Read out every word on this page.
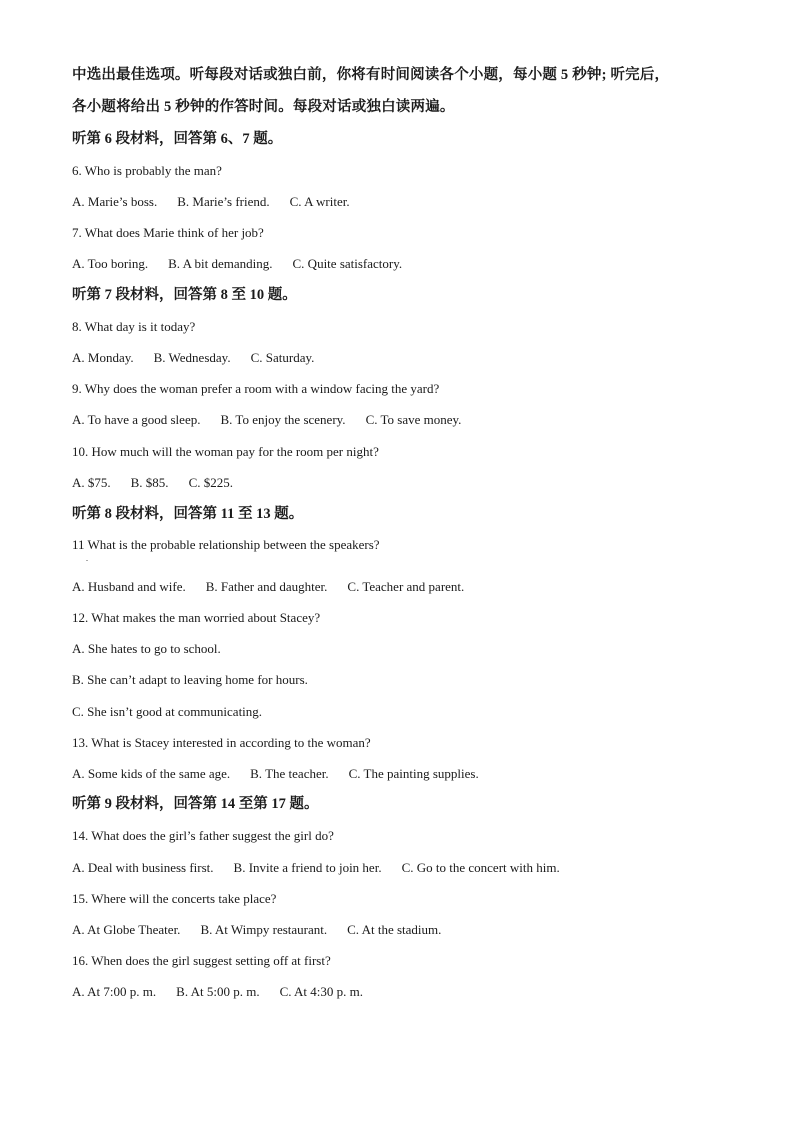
中选出最佳选项。听每段对话或独白前，你将有时间阅读各个小题，每小题 5 秒钟; 听完后，
各小题将给出 5 秒钟的作答时间。每段对话或独白读两遍。
听第 6 段材料，回答第 6、7 题。
6. Who is probably the man?
A. Marie’s boss. B. Marie’s friend. C. A writer.
7. What does Marie think of her job?
A. Too boring. B. A bit demanding. C. Quite satisfactory.
听第 7 段材料，回答第 8 至 10 题。
8. What day is it today?
A. Monday. B. Wednesday. C. Saturday.
9. Why does the woman prefer a room with a window facing the yard?
A. To have a good sleep. B. To enjoy the scenery. C. To save money.
10. How much will the woman pay for the room per night?
A. $75. B. $85. C. $225.
听第 8 段材料，回答第 11 至 13 题。
11 What is the probable relationship between the speakers?
.
A. Husband and wife. B. Father and daughter. C. Teacher and parent.
12. What makes the man worried about Stacey?
A. She hates to go to school.
B. She can’t adapt to leaving home for hours.
C. She isn’t good at communicating.
13. What is Stacey interested in according to the woman?
A. Some kids of the same age. B. The teacher. C. The painting supplies.
听第 9 段材料，回答第 14 至第 17 题。
14. What does the girl’s father suggest the girl do?
A. Deal with business first. B. Invite a friend to join her. C. Go to the concert with him.
15. Where will the concerts take place?
A. At Globe Theater. B. At Wimpy restaurant. C. At the stadium.
16. When does the girl suggest setting off at first?
A. At 7:00 p. m. B. At 5:00 p. m. C. At 4:30 p. m.
